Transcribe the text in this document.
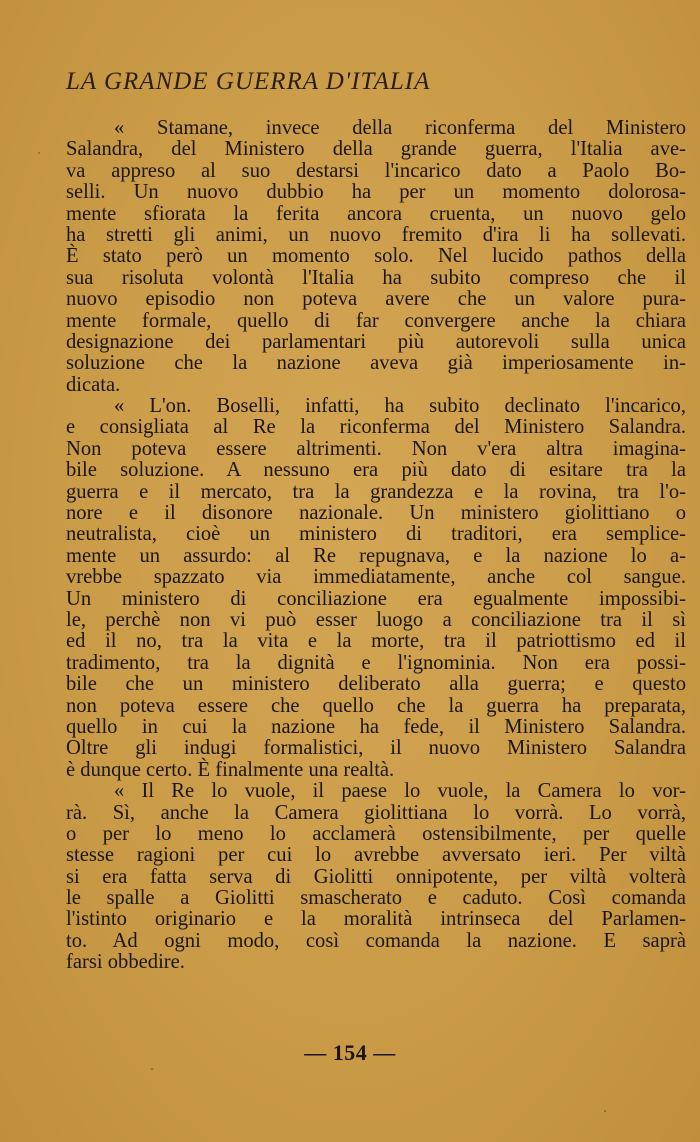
LA GRANDE GUERRA D'ITALIA
« Stamane, invece della riconferma del Ministero
Salandra, del Ministero della grande guerra, l'Italia ave-
va appreso al suo destarsi l'incarico dato a Paolo Bo-
selli. Un nuovo dubbio ha per un momento dolorosa-
mente sfiorata la ferita ancora cruenta, un nuovo gelo
ha stretti gli animi, un nuovo fremito d'ira li ha sollevati.
È stato però un momento solo. Nel lucido pathos della
sua risoluta volontà l'Italia ha subito compreso che il
nuovo episodio non poteva avere che un valore pura-
mente formale, quello di far convergere anche la chiara
designazione dei parlamentari più autorevoli sulla unica
soluzione che la nazione aveva già imperiosamente in-
dicata.
« L'on. Boselli, infatti, ha subito declinato l'incarico,
e consigliata al Re la riconferma del Ministero Salandra.
Non poteva essere altrimenti. Non v'era altra imagina-
bile soluzione. A nessuno era più dato di esitare tra la
guerra e il mercato, tra la grandezza e la rovina, tra l'o-
nore e il disonore nazionale. Un ministero giolittiano o
neutralista, cioè un ministero di traditori, era semplice-
mente un assurdo: al Re repugnava, e la nazione lo a-
vrebbe spazzato via immediatamente, anche col sangue.
Un ministero di conciliazione era egualmente impossibi-
le, perchè non vi può esser luogo a conciliazione tra il sì
ed il no, tra la vita e la morte, tra il patriottismo ed il
tradimento, tra la dignità e l'ignominia. Non era possi-
bile che un ministero deliberato alla guerra; e questo
non poteva essere che quello che la guerra ha preparata,
quello in cui la nazione ha fede, il Ministero Salandra.
Oltre gli indugi formalistici, il nuovo Ministero Salandra
è dunque certo. È finalmente una realtà.
« Il Re lo vuole, il paese lo vuole, la Camera lo vor-
rà. Sì, anche la Camera giolittiana lo vorrà. Lo vorrà,
o per lo meno lo acclamerà ostensibilmente, per quelle
stesse ragioni per cui lo avrebbe avversato ieri. Per viltà
si era fatta serva di Giolitti onnipotente, per viltà volterà
le spalle a Giolitti smascherato e caduto. Così comanda
l'istinto originario e la moralità intrinseca del Parlamen-
to. Ad ogni modo, così comanda la nazione. E saprà
farsi obbedire.
— 154 —
